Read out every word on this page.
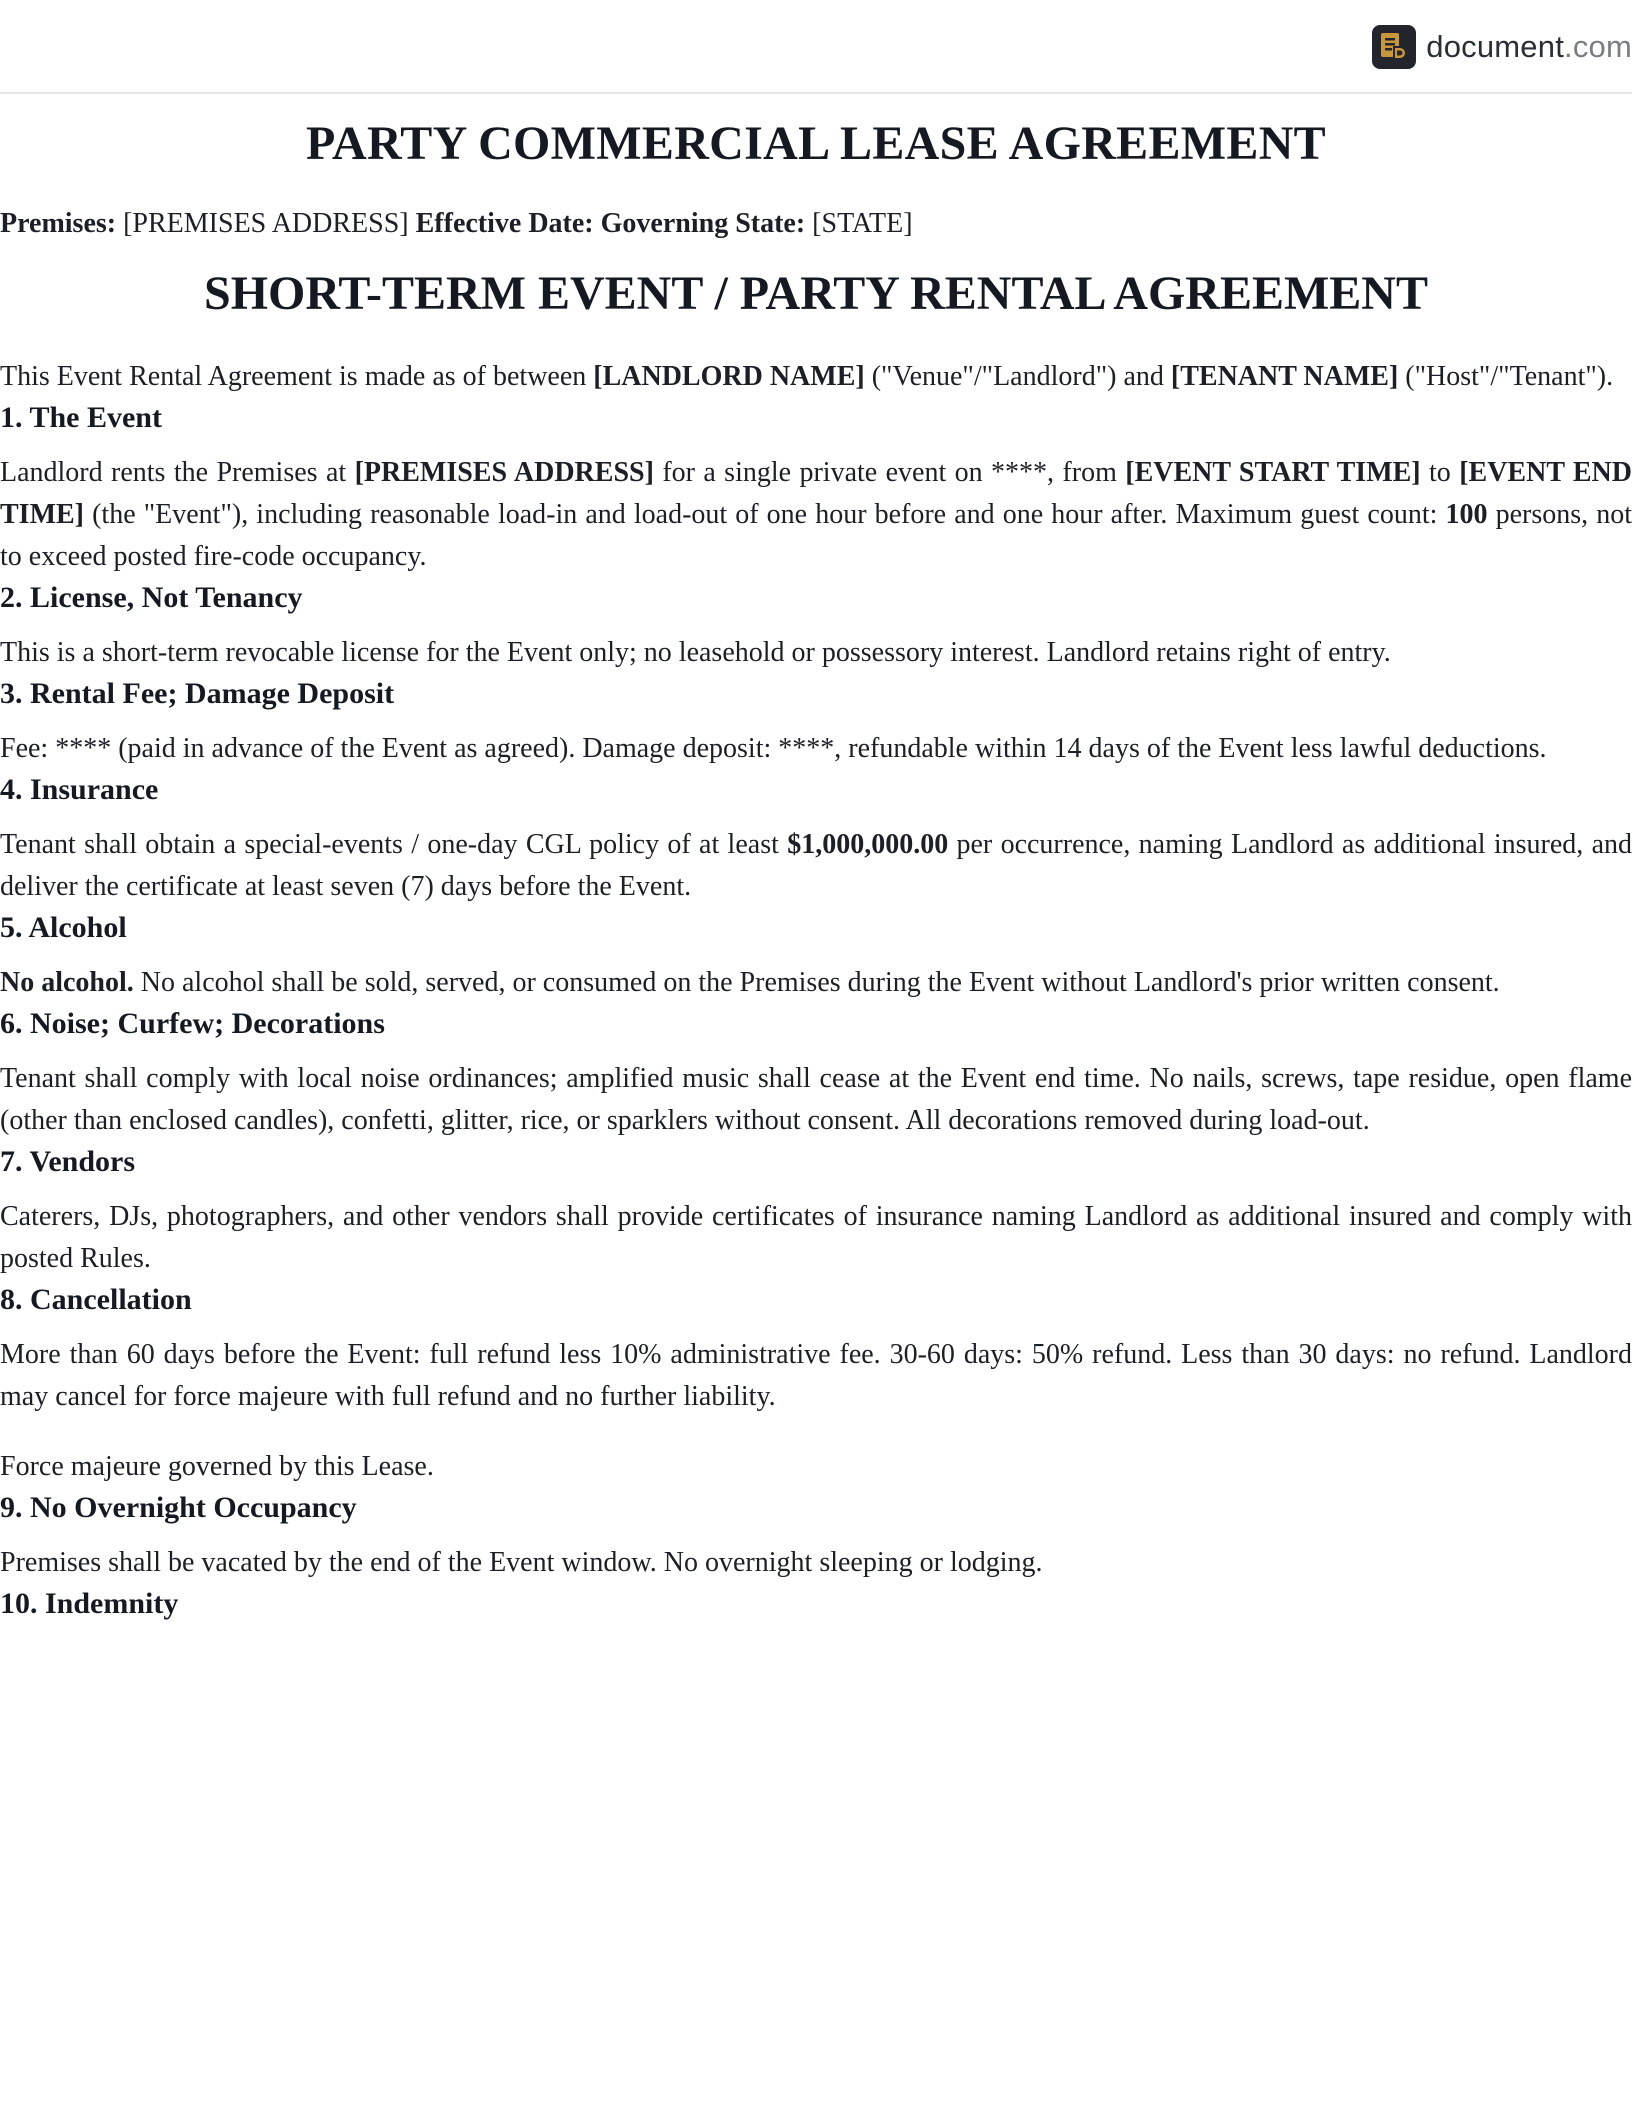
document.com
PARTY COMMERCIAL LEASE AGREEMENT
Premises: [PREMISES ADDRESS] Effective Date: Governing State: [STATE]
SHORT-TERM EVENT / PARTY RENTAL AGREEMENT

This Event Rental Agreement is made as of between [LANDLORD NAME] ("Venue"/"Landlord") and [TENANT NAME] ("Host"/"Tenant").

1. The Event

Landlord rents the Premises at [PREMISES ADDRESS] for a single private event on ****, from [EVENT START TIME] to [EVENT END TIME] (the "Event"), including reasonable load-in and load-out of one hour before and one hour after. Maximum guest count: 100 persons, not to exceed posted fire-code occupancy.

2. License, Not Tenancy

This is a short-term revocable license for the Event only; no leasehold or possessory interest. Landlord retains right of entry.

3. Rental Fee; Damage Deposit

Fee: **** (paid in advance of the Event as agreed). Damage deposit: ****, refundable within 14 days of the Event less lawful deductions.

4. Insurance

Tenant shall obtain a special-events / one-day CGL policy of at least $1,000,000.00 per occurrence, naming Landlord as additional insured, and deliver the certificate at least seven (7) days before the Event.

5. Alcohol

No alcohol. No alcohol shall be sold, served, or consumed on the Premises during the Event without Landlord's prior written consent.

6. Noise; Curfew; Decorations

Tenant shall comply with local noise ordinances; amplified music shall cease at the Event end time. No nails, screws, tape residue, open flame (other than enclosed candles), confetti, glitter, rice, or sparklers without consent. All decorations removed during load-out.

7. Vendors

Caterers, DJs, photographers, and other vendors shall provide certificates of insurance naming Landlord as additional insured and comply with posted Rules.

8. Cancellation

More than 60 days before the Event: full refund less 10% administrative fee. 30-60 days: 50% refund. Less than 30 days: no refund. Landlord may cancel for force majeure with full refund and no further liability.

Force majeure governed by this Lease.

9. No Overnight Occupancy

Premises shall be vacated by the end of the Event window. No overnight sleeping or lodging.

10. Indemnity
